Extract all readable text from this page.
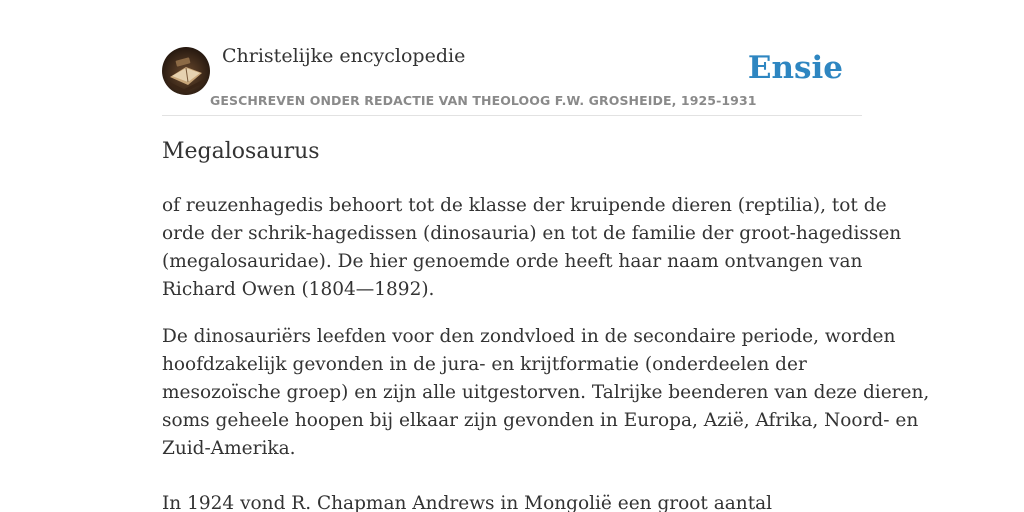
Christelijke encyclopedie
GESCHREVEN ONDER REDACTIE VAN THEOLOOG F.W. GROSHEIDE, 1925-1931
Ensie
Megalosaurus

of reuzenhagedis behoort tot de klasse der kruipende dieren (reptilia), tot de
orde der schrik-hagedissen (dinosauria) en tot de familie der groot-hagedissen
(megalosauridae). De hier genoemde orde heeft haar naam ontvangen van
Richard Owen (1804—1892).

De dinosauriërs leefden voor den zondvloed in de secondaire periode, worden
hoofdzakelijk gevonden in de jura- en krijtformatie (onderdeelen der
mesozoïsche groep) en zijn alle uitgestorven. Talrijke beenderen van deze dieren,
soms geheele hoopen bij elkaar zijn gevonden in Europa, Azië, Afrika, Noord- en
Zuid-Amerika.

In 1924 vond R. Chapman Andrews in Mongolië een groot aantal
